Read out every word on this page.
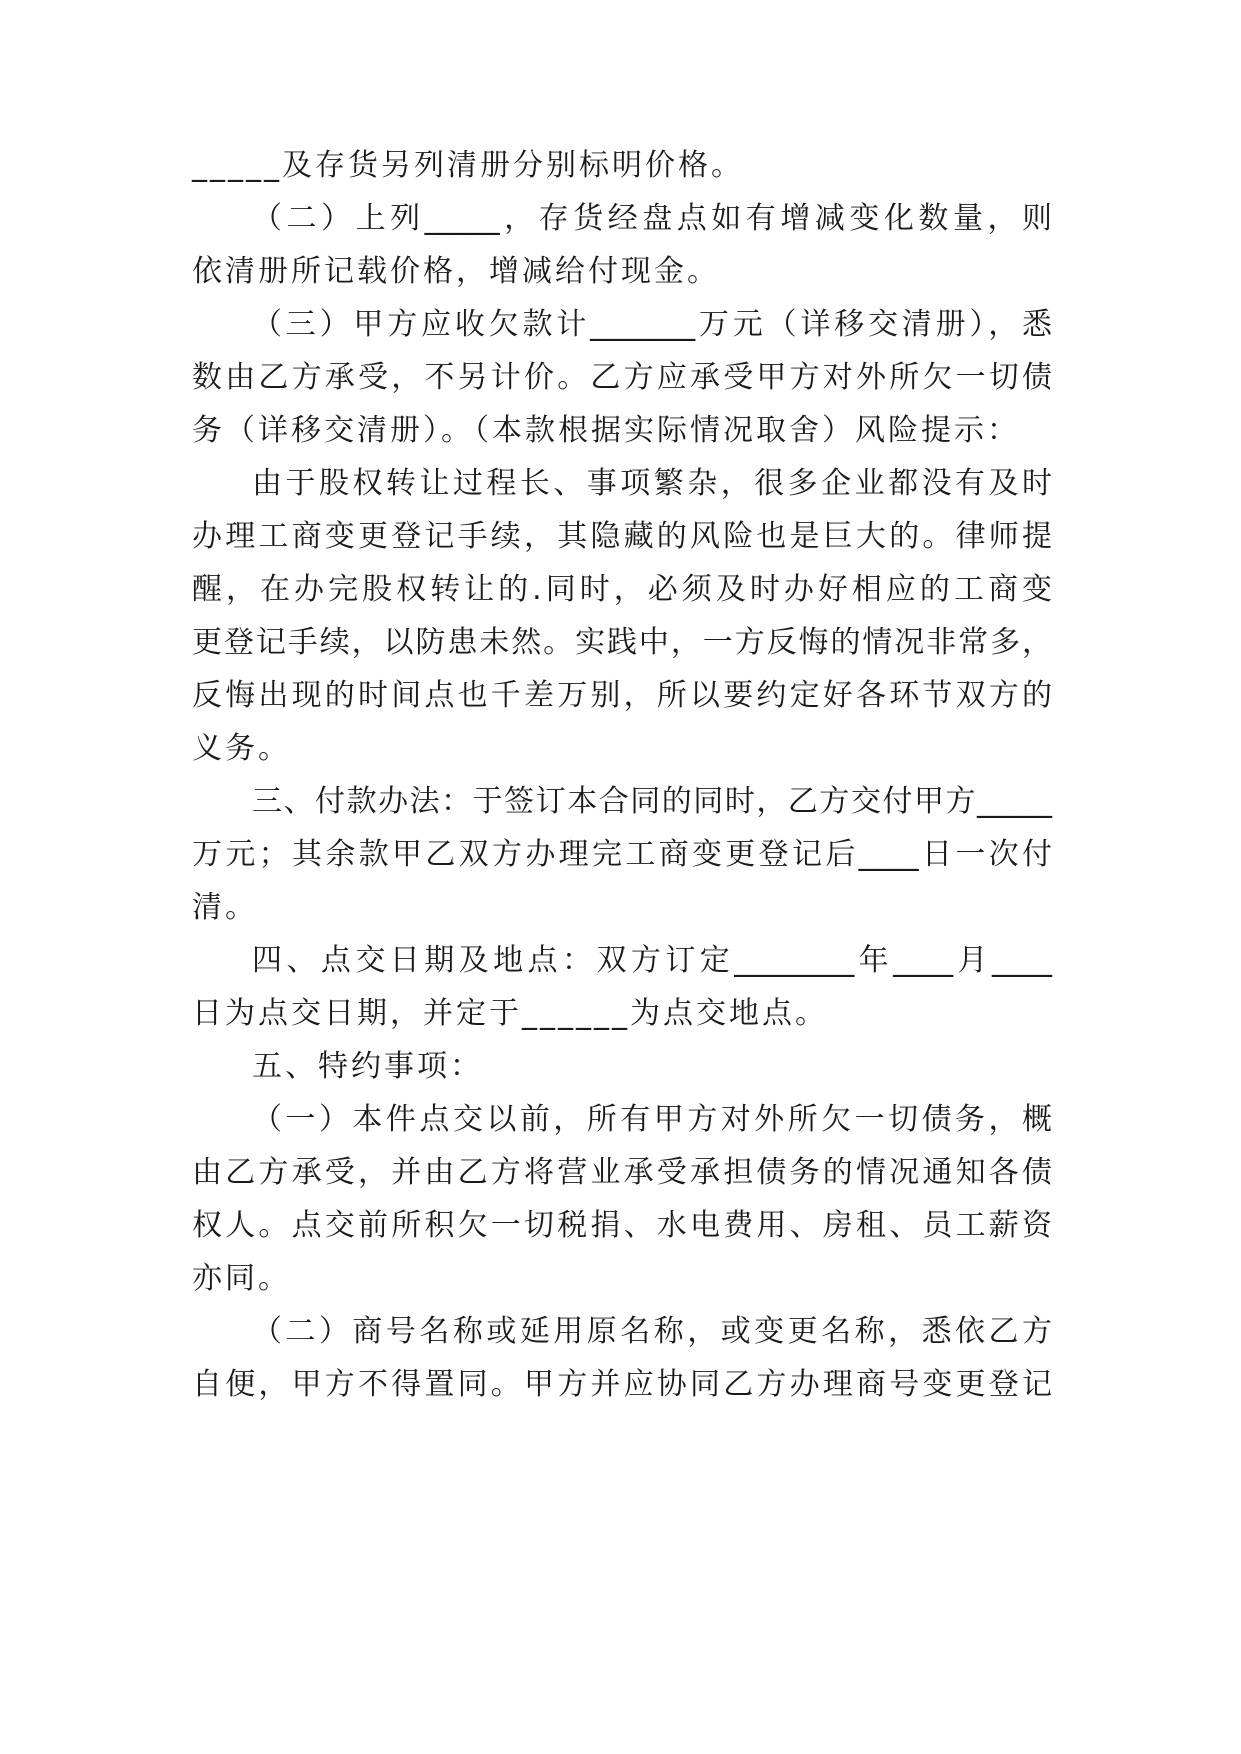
_____及存货另列清册分别标明价格。
（二）上列_____，存货经盘点如有增减变化数量，则
依清册所记载价格，增减给付现金。
（三）甲方应收欠款计_______万元（详移交清册），悉
数由乙方承受，不另计价。乙方应承受甲方对外所欠一切债
务（详移交清册）。（本款根据实际情况取舍）风险提示：
由于股权转让过程长、事项繁杂，很多企业都没有及时
办理工商变更登记手续，其隐藏的风险也是巨大的。律师提
醒，在办完股权转让的.同时，必须及时办好相应的工商变
更登记手续，以防患未然。实践中，一方反悔的情况非常多，
反悔出现的时间点也千差万别，所以要约定好各环节双方的
义务。
三、付款办法：于签订本合同的同时，乙方交付甲方_____
万元；其余款甲乙双方办理完工商变更登记后____日一次付
清。
四、点交日期及地点：双方订定________年____月____
日为点交日期，并定于______为点交地点。
五、特约事项：
（一）本件点交以前，所有甲方对外所欠一切债务，概
由乙方承受，并由乙方将营业承受承担债务的情况通知各债
权人。点交前所积欠一切税捐、水电费用、房租、员工薪资
亦同。
（二）商号名称或延用原名称，或变更名称，悉依乙方
自便，甲方不得置同。甲方并应协同乙方办理商号变更登记
